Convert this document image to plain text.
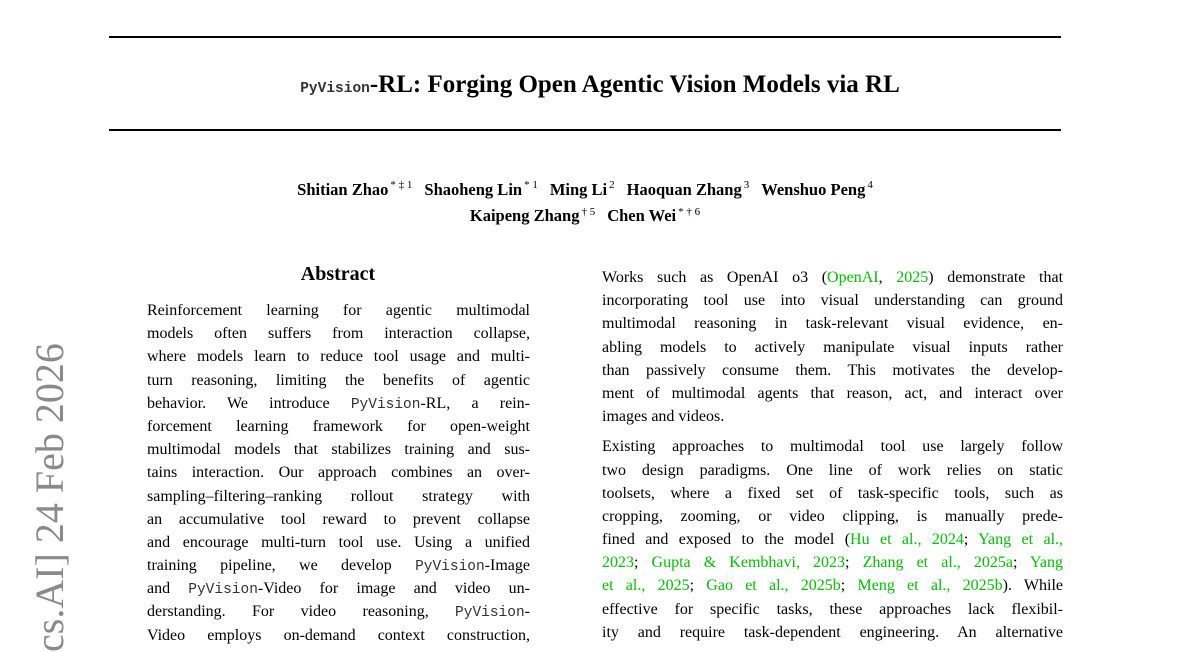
PyVision-RL: Forging Open Agentic Vision Models via RL
Shitian Zhao $^{* \ddagger 1}$ Shaoheng Lin $^{* 1}$ Ming Li $^2$ Haoquan Zhang $^3$ Wenshuo Peng $^4$
Kaipeng Zhang $^{\dagger 5}$ Chen Wei $^{* \dagger 6}$
cs.AI] 24 Feb 2026
Abstract
Reinforcement learning for agentic multimodal
models often suffers from interaction collapse,
where models learn to reduce tool usage and multi-
turn reasoning, limiting the benefits of agentic
behavior. We introduce PyVision-RL, a rein-
forcement learning framework for open-weight
multimodal models that stabilizes training and sus-
tains interaction. Our approach combines an over-
sampling–filtering–ranking rollout strategy with
an accumulative tool reward to prevent collapse
and encourage multi-turn tool use. Using a unified
training pipeline, we develop PyVision-Image
and PyVision-Video for image and video un-
derstanding. For video reasoning, PyVision-
Video employs on-demand context construction,
Works such as OpenAI o3 (OpenAI, 2025) demonstrate that
incorporating tool use into visual understanding can ground
multimodal reasoning in task-relevant visual evidence, en-
abling models to actively manipulate visual inputs rather
than passively consume them. This motivates the develop-
ment of multimodal agents that reason, act, and interact over
images and videos.
Existing approaches to multimodal tool use largely follow
two design paradigms. One line of work relies on static
toolsets, where a fixed set of task-specific tools, such as
cropping, zooming, or video clipping, is manually prede-
fined and exposed to the model (Hu et al., 2024; Yang et al.,
2023; Gupta & Kembhavi, 2023; Zhang et al., 2025a; Yang
et al., 2025; Gao et al., 2025b; Meng et al., 2025b). While
effective for specific tasks, these approaches lack flexibil-
ity and require task-dependent engineering. An alternative
